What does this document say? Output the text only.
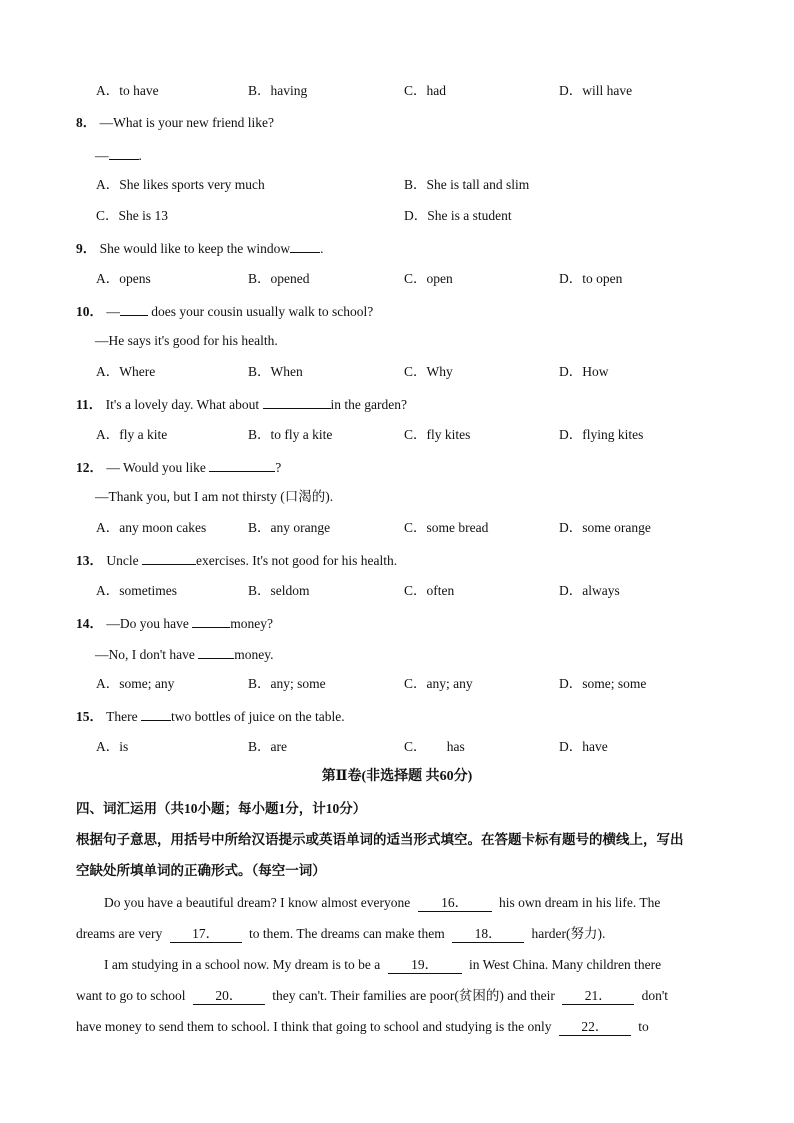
A．to have	B．having	C．had	D．will have
8． —What is your new friend like?
— .
A．She likes sports very much	B．She is tall and slim
C．She is 13	D．She is a student
9． She would like to keep the window .
A．opens	B．opened	C．open	D．to open
10． — does your cousin usually walk to school?
—He says it's good for his health.
A．Where	B．When	C．Why	D．How
11． It's a lovely day. What about	in the garden?
A．fly a kite	B．to fly a kite	C．fly kites	D．flying kites
12． — Would you like	?
—Thank you, but I am not thirsty (口渴的).
A．any moon cakes	B．any orange	C．some bread	D．some orange
13． Uncle	exercises. It's not good for his health.
A．sometimes	B．seldom	C．often	D．always
14． —Do you have	money?
—No, I don't have	money.
A．some; any	B．any; some	C．any; any	D．some; some
15． There two bottles of juice on the table.
A．is	B．are	C．      has	D．have
第Ⅱ卷(非选择题 共60分)
四、词汇运用（共10小题；每小题1分，计10分）
根据句子意思，用括号中所给汉语提示或英语单词的适当形式填空。在答题卡标有题号的横线上，写出
空缺处所填单词的正确形式。（每空一词）
Do you have a beautiful dream? I know almost everyone 16． his own dream in his life. The
dreams are very 17． to them. The dreams can make them 18． harder(努力).
I am studying in a school now. My dream is to be a 19． in West China. Many children there
want to go to school 20． they can't. Their families are poor(贫困的) and their 21． don't
have money to send them to school. I think that going to school and studying is the only 22． to
